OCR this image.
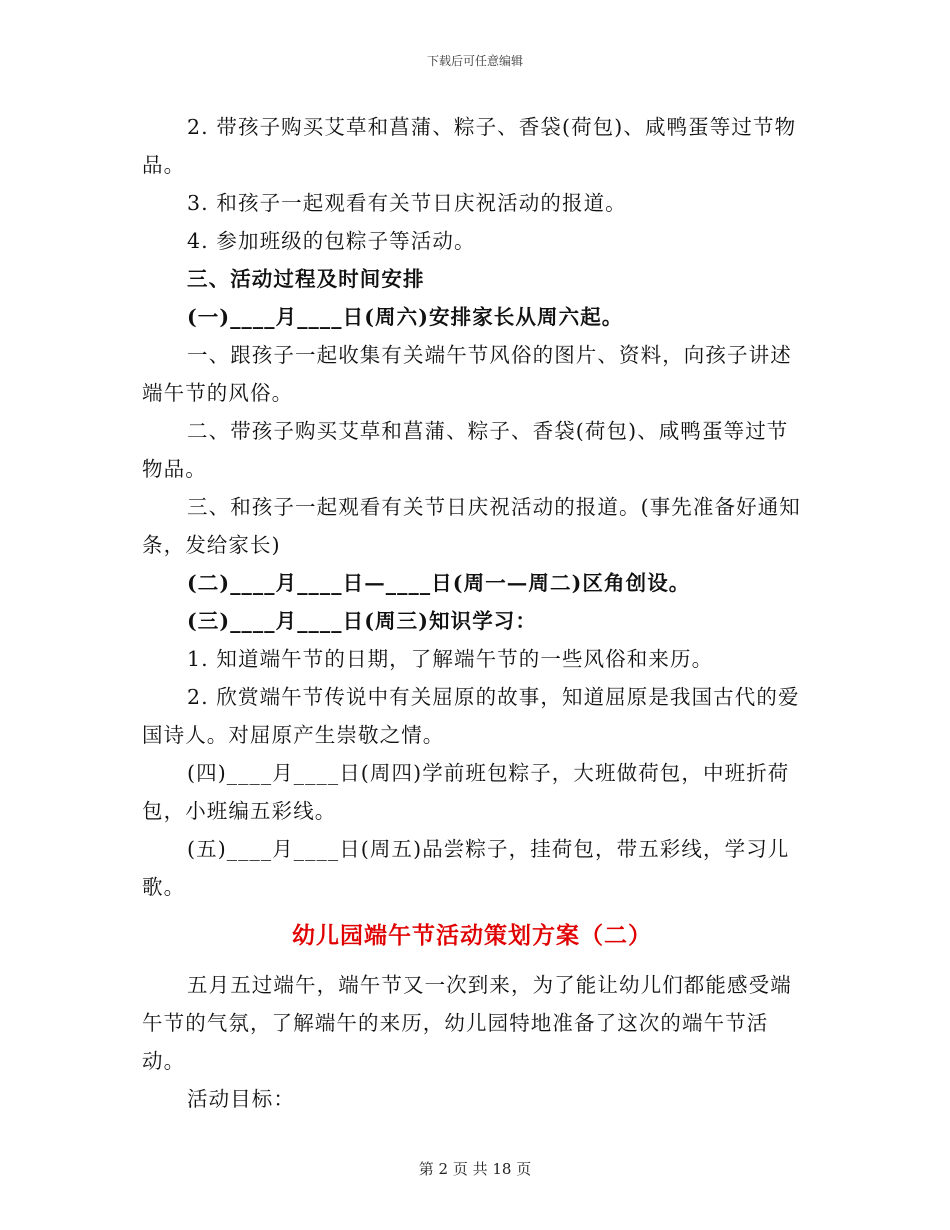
下载后可任意编辑

2. 带孩子购买艾草和菖蒲、粽子、香袋(荷包)、咸鸭蛋等过节物品。

3. 和孩子一起观看有关节日庆祝活动的报道。

4. 参加班级的包粽子等活动。

三、活动过程及时间安排

(一)____月____日(周六)安排家长从周六起。

一、跟孩子一起收集有关端午节风俗的图片、资料，向孩子讲述端午节的风俗。

二、带孩子购买艾草和菖蒲、粽子、香袋(荷包)、咸鸭蛋等过节物品。

三、和孩子一起观看有关节日庆祝活动的报道。(事先准备好通知条，发给家长)

(二)____月____日—____日(周一—周二)区角创设。

(三)____月____日(周三)知识学习：

1. 知道端午节的日期，了解端午节的一些风俗和来历。

2. 欣赏端午节传说中有关屈原的故事，知道屈原是我国古代的爱国诗人。对屈原产生崇敬之情。

(四)____月____日(周四)学前班包粽子，大班做荷包，中班折荷包，小班编五彩线。

(五)____月____日(周五)品尝粽子，挂荷包，带五彩线，学习儿歌。

幼儿园端午节活动策划方案（二）

五月五过端午，端午节又一次到来，为了能让幼儿们都能感受端午节的气氛，了解端午的来历，幼儿园特地准备了这次的端午节活动。

活动目标：

第 2 页 共 18 页
